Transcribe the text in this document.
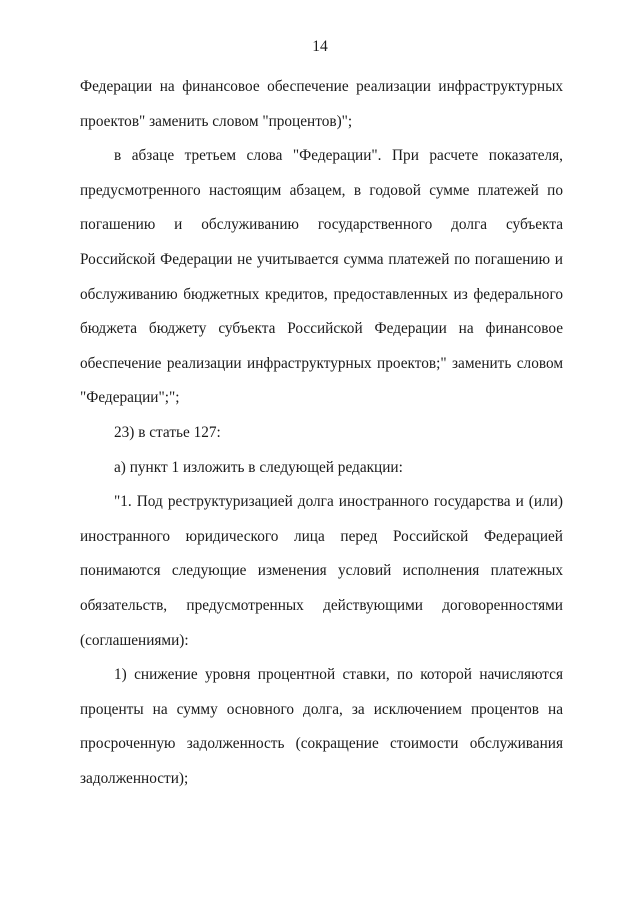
14

Федерации на финансовое обеспечение реализации инфраструктурных проектов" заменить словом "процентов)";

в абзаце третьем слова "Федерации". При расчете показателя, предусмотренного настоящим абзацем, в годовой сумме платежей по погашению и обслуживанию государственного долга субъекта Российской Федерации не учитывается сумма платежей по погашению и обслуживанию бюджетных кредитов, предоставленных из федерального бюджета бюджету субъекта Российской Федерации на финансовое обеспечение реализации инфраструктурных проектов;" заменить словом "Федерации";";

23) в статье 127:

а) пункт 1 изложить в следующей редакции:

"1. Под реструктуризацией долга иностранного государства и (или) иностранного юридического лица перед Российской Федерацией понимаются следующие изменения условий исполнения платежных обязательств, предусмотренных действующими договоренностями (соглашениями):

1) снижение уровня процентной ставки, по которой начисляются проценты на сумму основного долга, за исключением процентов на просроченную задолженность (сокращение стоимости обслуживания задолженности);
